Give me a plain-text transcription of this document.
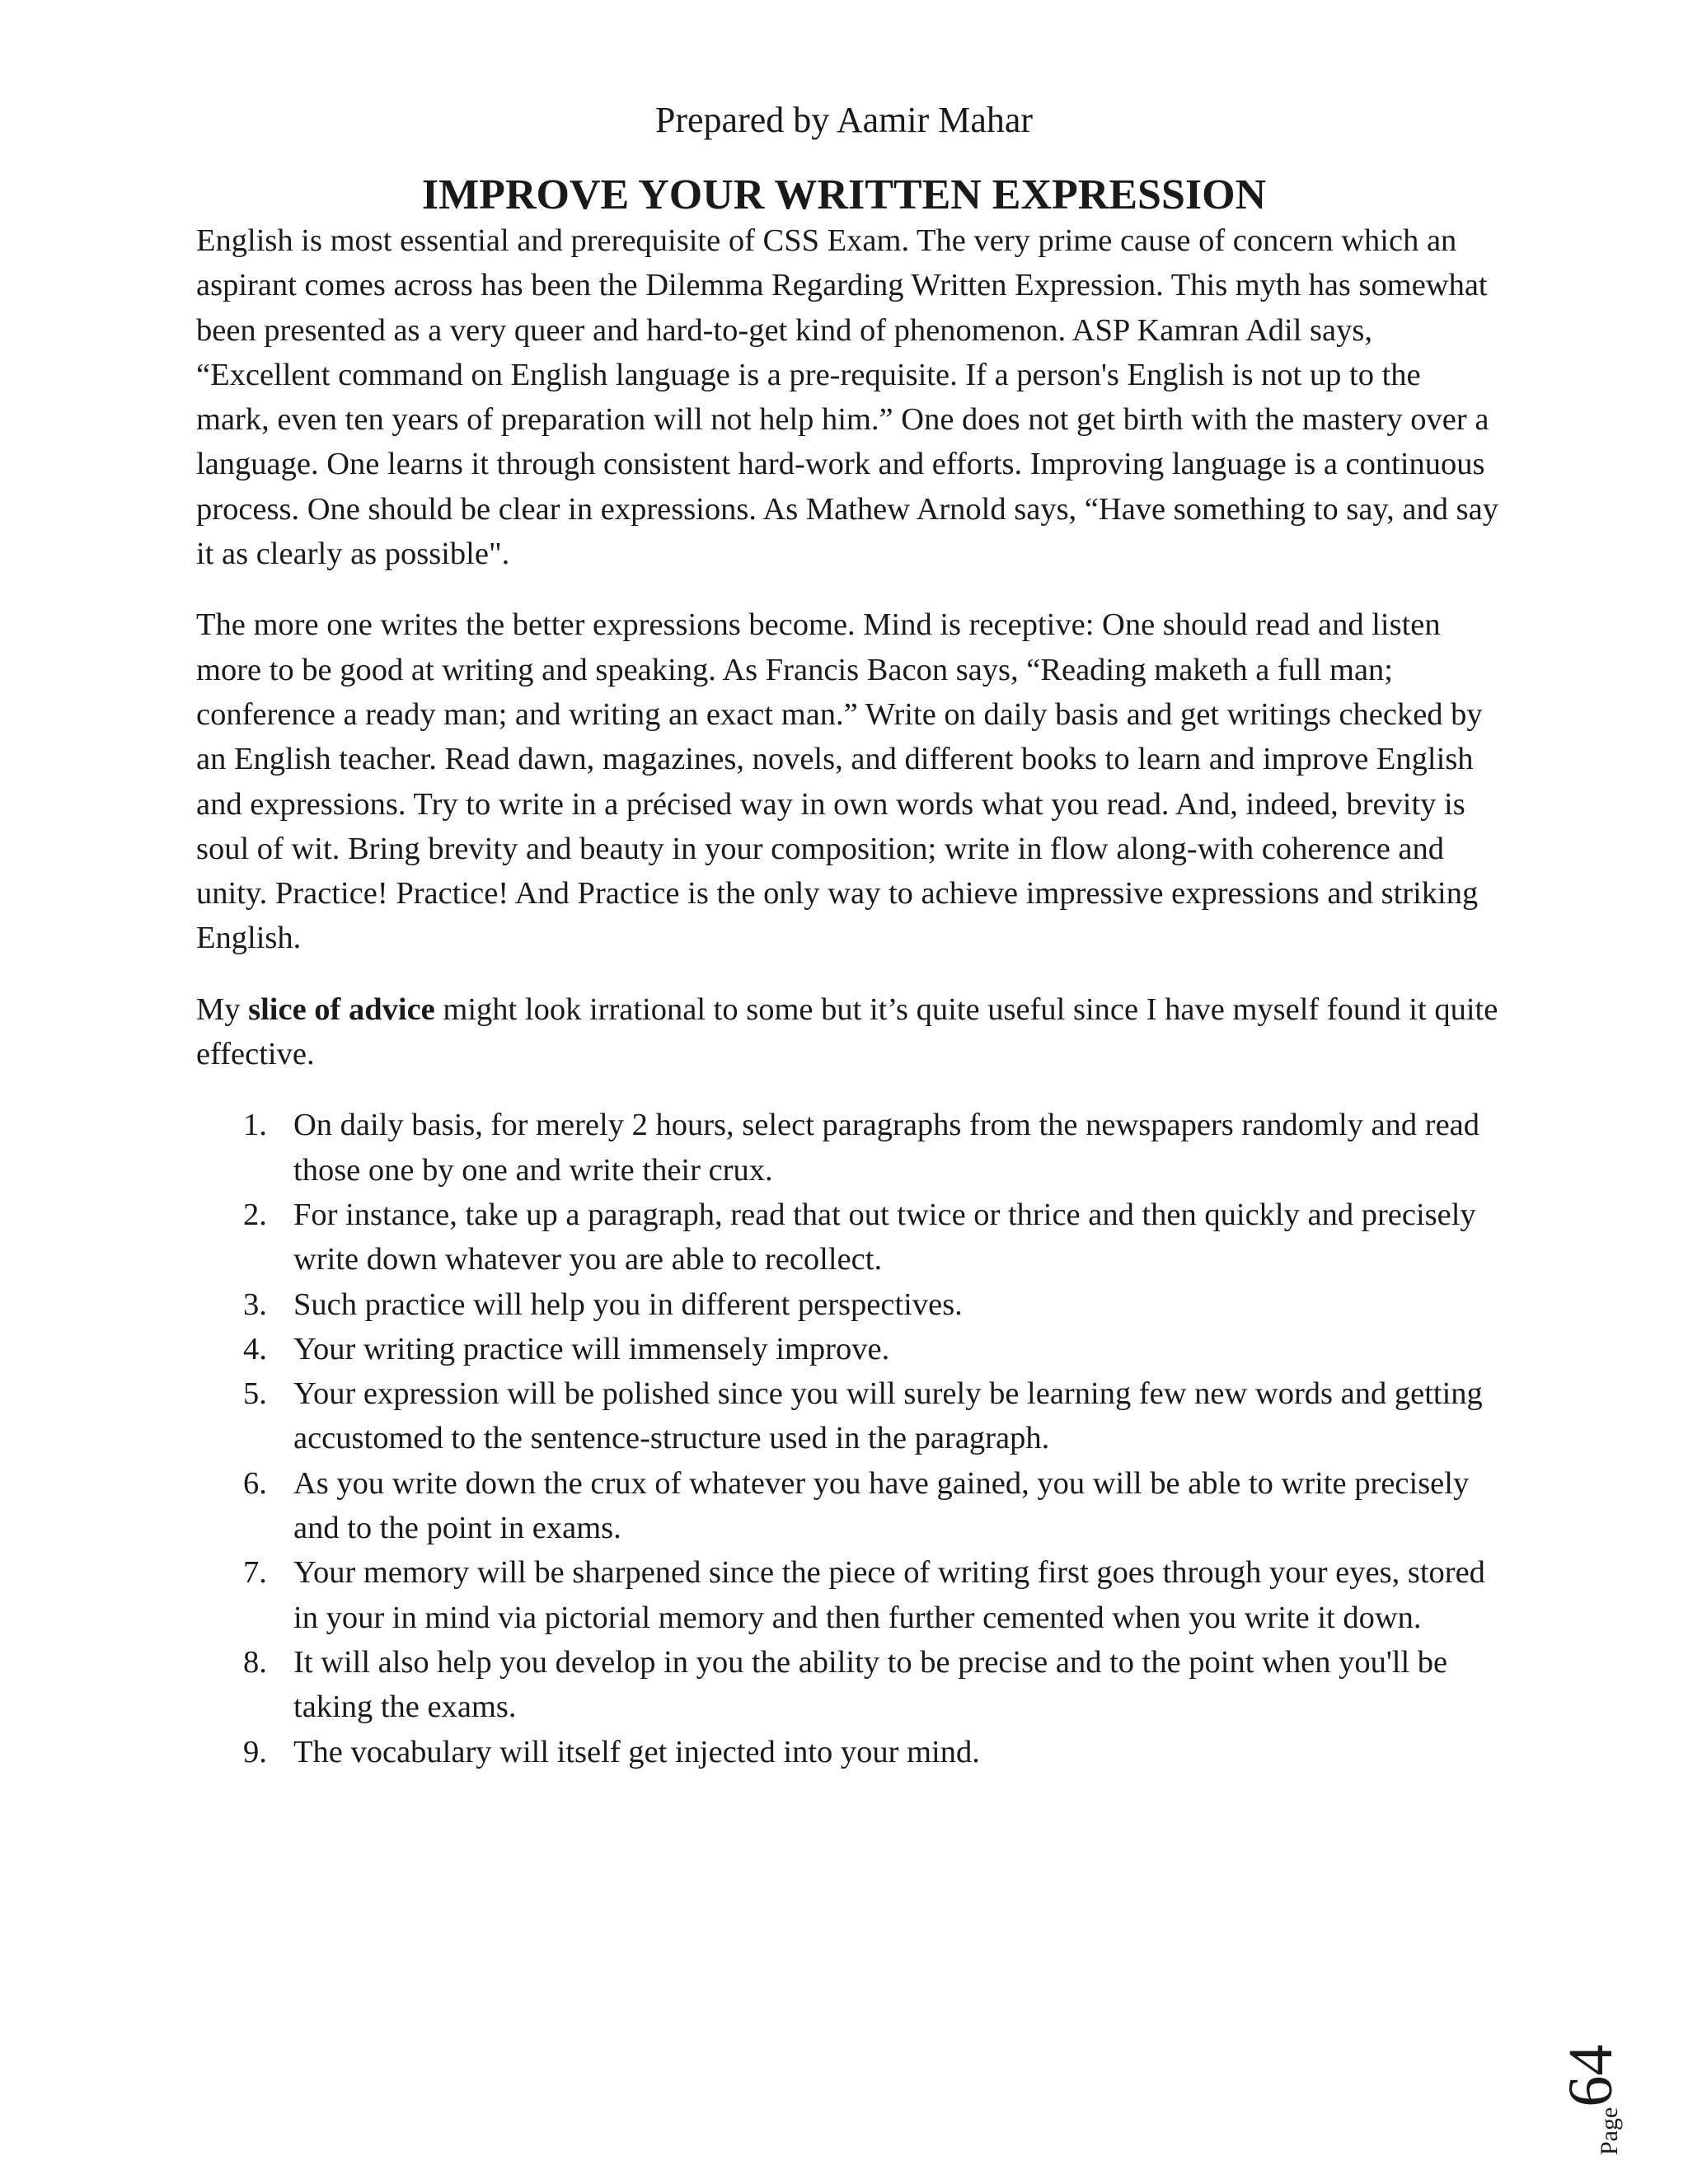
Prepared by Aamir Mahar
IMPROVE YOUR WRITTEN EXPRESSION

English is most essential and prerequisite of CSS Exam. The very prime cause of concern which an aspirant comes across has been the Dilemma Regarding Written Expression. This myth has somewhat been presented as a very queer and hard-to-get kind of phenomenon. ASP Kamran Adil says, “Excellent command on English language is a pre-requisite. If a person's English is not up to the mark, even ten years of preparation will not help him.” One does not get birth with the mastery over a language. One learns it through consistent hard-work and efforts. Improving language is a continuous process. One should be clear in expressions. As Mathew Arnold says, “Have something to say, and say it as clearly as possible".

The more one writes the better expressions become. Mind is receptive: One should read and listen more to be good at writing and speaking. As Francis Bacon says, “Reading maketh a full man; conference a ready man; and writing an exact man.” Write on daily basis and get writings checked by an English teacher. Read dawn, magazines, novels, and different books to learn and improve English and expressions. Try to write in a précised way in own words what you read. And, indeed, brevity is soul of wit. Bring brevity and beauty in your composition; write in flow along-with coherence and unity. Practice! Practice! And Practice is the only way to achieve impressive expressions and striking English.

My slice of advice might look irrational to some but it’s quite useful since I have myself found it quite effective.

1. On daily basis, for merely 2 hours, select paragraphs from the newspapers randomly and read those one by one and write their crux.
2. For instance, take up a paragraph, read that out twice or thrice and then quickly and precisely write down whatever you are able to recollect.
3. Such practice will help you in different perspectives.
4. Your writing practice will immensely improve.
5. Your expression will be polished since you will surely be learning few new words and getting accustomed to the sentence-structure used in the paragraph.
6. As you write down the crux of whatever you have gained, you will be able to write precisely and to the point in exams.
7. Your memory will be sharpened since the piece of writing first goes through your eyes, stored in your in mind via pictorial memory and then further cemented when you write it down.
8. It will also help you develop in you the ability to be precise and to the point when you'll be taking the exams.
9. The vocabulary will itself get injected into your mind.
Page64
